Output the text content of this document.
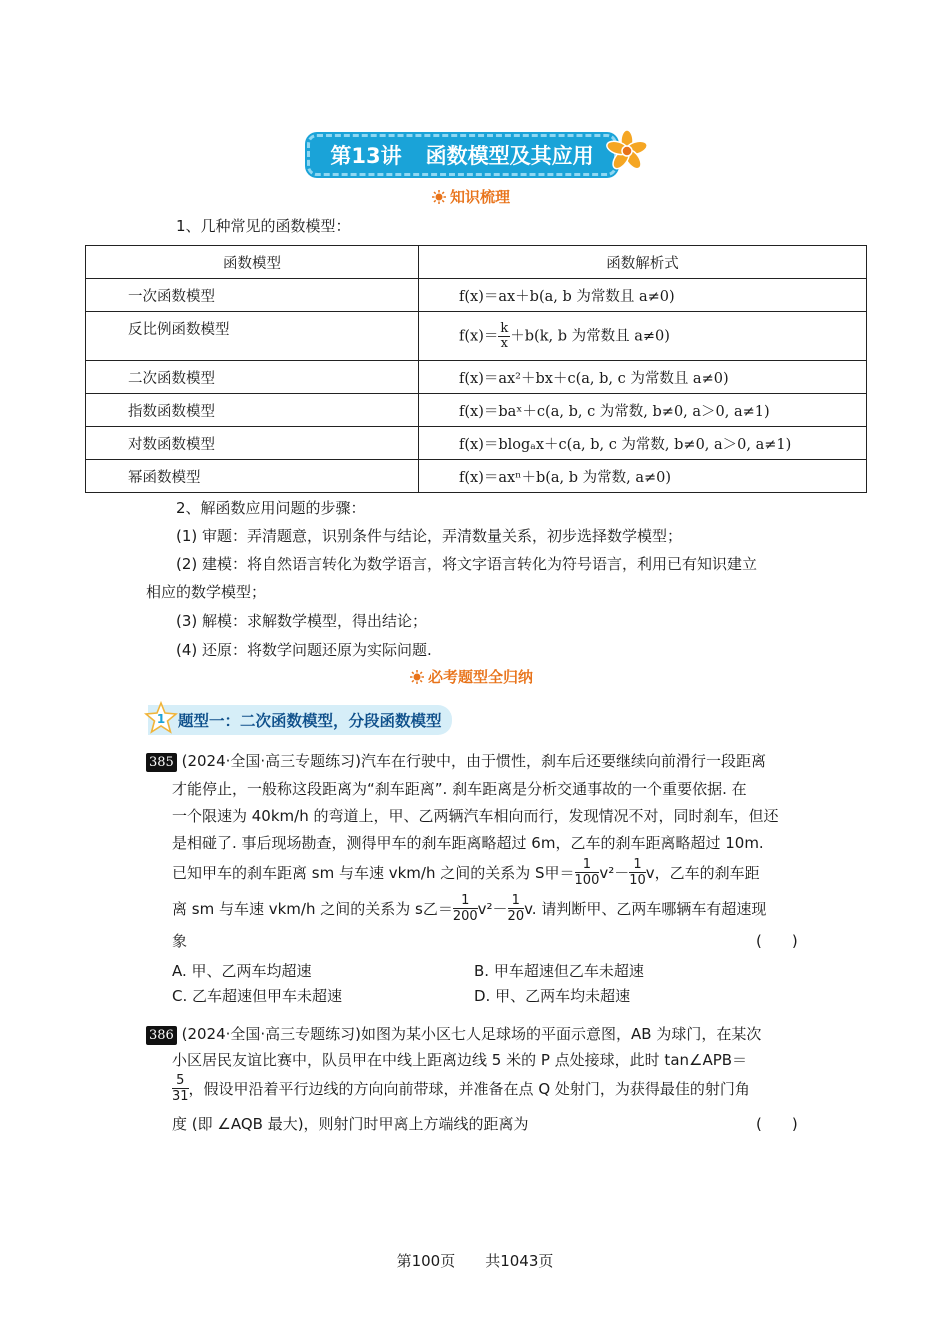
第13讲 函数模型及其应用
知识梳理
1、几种常见的函数模型：
函数模型	函数解析式
一次函数模型	f(x)＝ax＋b(a, b 为常数且 a≠0)
反比例函数模型	$f(x)= \frac{k}{x} +b(k$, b 为常数且 a≠0)
二次函数模型	f(x)＝ax²＋bx＋c(a, b, c 为常数且 a≠0)
指数函数模型	f(x)＝baˣ＋c(a, b, c 为常数, b≠0, a＞0, a≠1)
对数函数模型	f(x)＝blogₐx＋c(a, b, c 为常数, b≠0, a＞0, a≠1)
幂函数模型	f(x)＝axⁿ＋b(a, b 为常数, a≠0)
2、解函数应用问题的步骤：
(1) 审题：弄清题意，识别条件与结论，弄清数量关系，初步选择数学模型；
(2) 建模：将自然语言转化为数学语言，将文字语言转化为符号语言，利用已有知识建立
相应的数学模型；
(3) 解模：求解数学模型，得出结论；
(4) 还原：将数学问题还原为实际问题.
必考题型全归纳
题型一：二次函数模型，分段函数模型
1
385 (2024·全国·高三专题练习)汽车在行驶中，由于惯性，刹车后还要继续向前滑行一段距离
才能停止，一般称这段距离为“刹车距离”. 刹车距离是分析交通事故的一个重要依据. 在
一个限速为 40km/h 的弯道上，甲、乙两辆汽车相向而行，发现情况不对，同时刹车，但还
是相碰了. 事后现场勘查，测得甲车的刹车距离略超过 6m，乙车的刹车距离略超过 10m.
已知甲车的刹车距离 sm 与车速 vkm/h 之间的关系为 S甲＝ 1
100 v²－ 1
10 v，乙车的刹车距
离 sm 与车速 vkm/h 之间的关系为 s乙＝ 1
200 v²－ 1
20 v. 请判断甲、乙两车哪辆车有超速现
象	(　　)
A. 甲、乙两车均超速	B. 甲车超速但乙车未超速
C. 乙车超速但甲车未超速	D. 甲、乙两车均未超速
386 (2024·全国·高三专题练习)如图为某小区七人足球场的平面示意图，AB 为球门，在某次
小区居民友谊比赛中，队员甲在中线上距离边线 5 米的 P 点处接球，此时 tan∠APB＝
5
31 ，假设甲沿着平行边线的方向向前带球，并准备在点 Q 处射门，为获得最佳的射门角
度 (即 ∠AQB 最大)，则射门时甲离上方端线的距离为	(　　)
第100页　　共1043页
